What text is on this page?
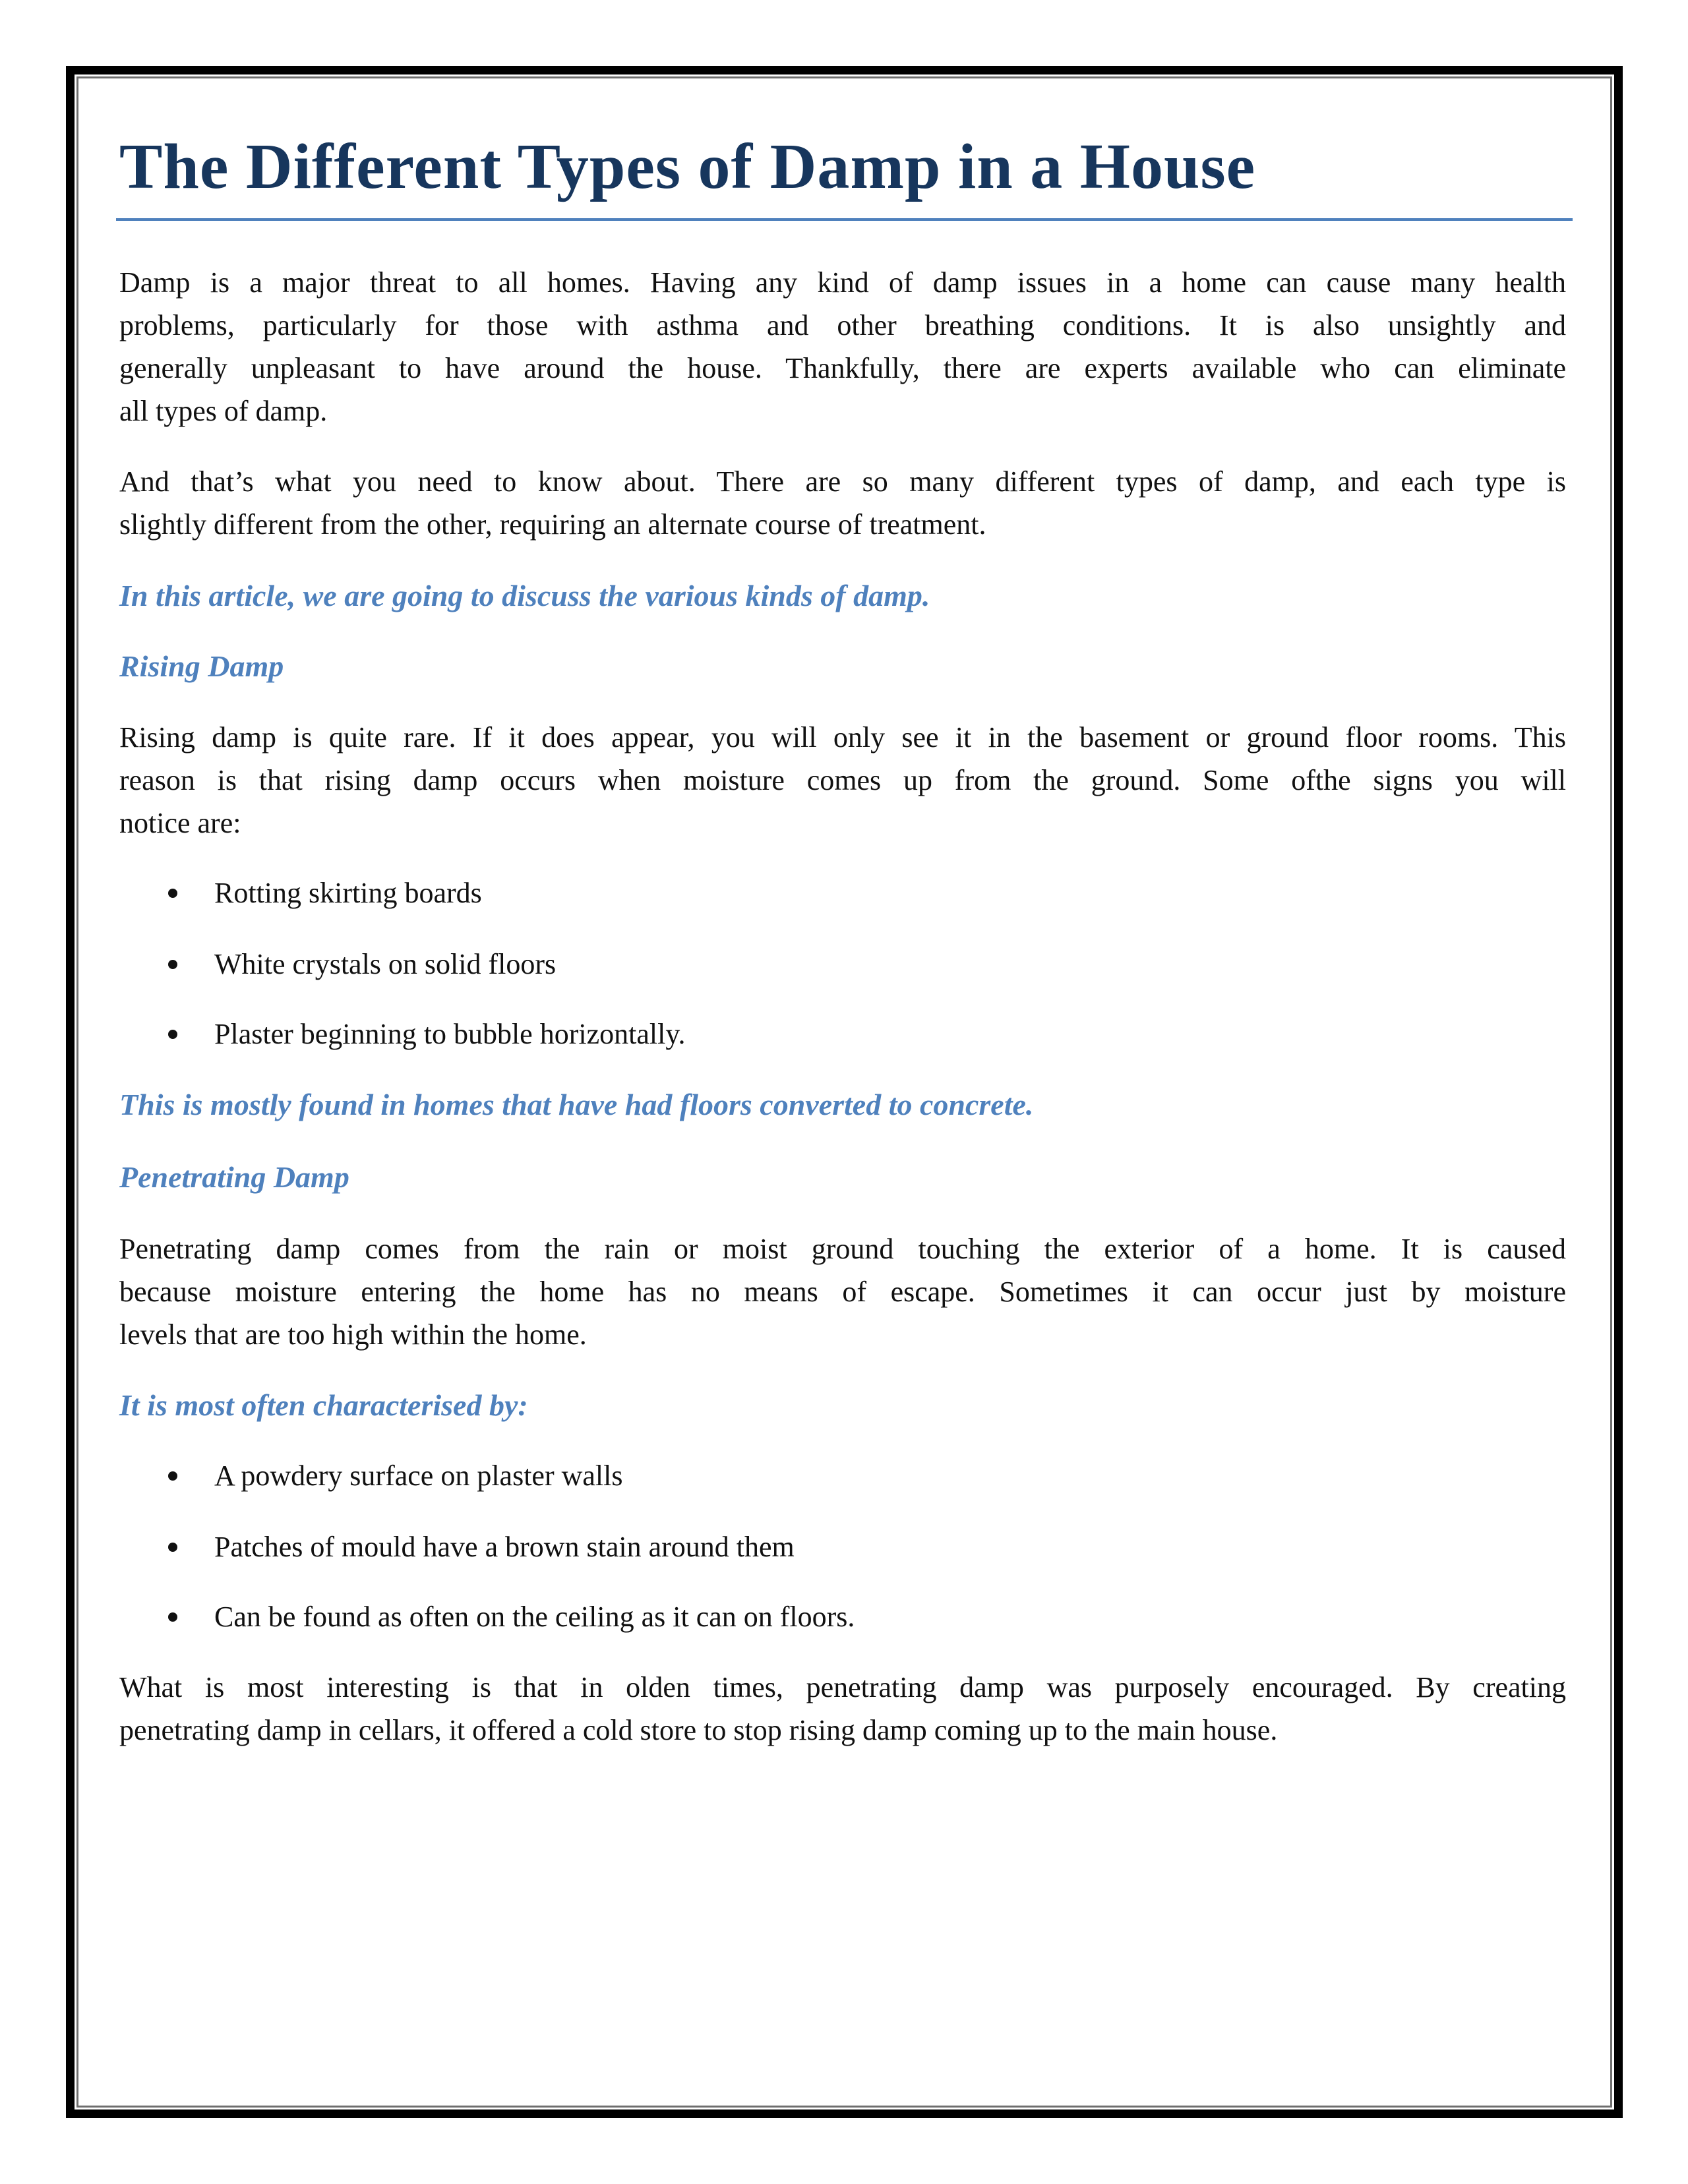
The Different Types of Damp in a House
Damp is a major threat to all homes. Having any kind of damp issues in a home can cause many health
problems, particularly for those with asthma and other breathing conditions. It is also unsightly and
generally unpleasant to have around the house. Thankfully, there are experts available who can eliminate
all types of damp.
And that’s what you need to know about. There are so many different types of damp, and each type is
slightly different from the other, requiring an alternate course of treatment.
In this article, we are going to discuss the various kinds of damp.
Rising Damp
Rising damp is quite rare. If it does appear, you will only see it in the basement or ground floor rooms. This
reason is that rising damp occurs when moisture comes up from the ground. Some ofthe signs you will
notice are:
Rotting skirting boards
White crystals on solid floors
Plaster beginning to bubble horizontally.
This is mostly found in homes that have had floors converted to concrete.
Penetrating Damp
Penetrating damp comes from the rain or moist ground touching the exterior of a home. It is caused
because moisture entering the home has no means of escape. Sometimes it can occur just by moisture
levels that are too high within the home.
It is most often characterised by:
A powdery surface on plaster walls
Patches of mould have a brown stain around them
Can be found as often on the ceiling as it can on floors.
What is most interesting is that in olden times, penetrating damp was purposely encouraged. By creating
penetrating damp in cellars, it offered a cold store to stop rising damp coming up to the main house.
